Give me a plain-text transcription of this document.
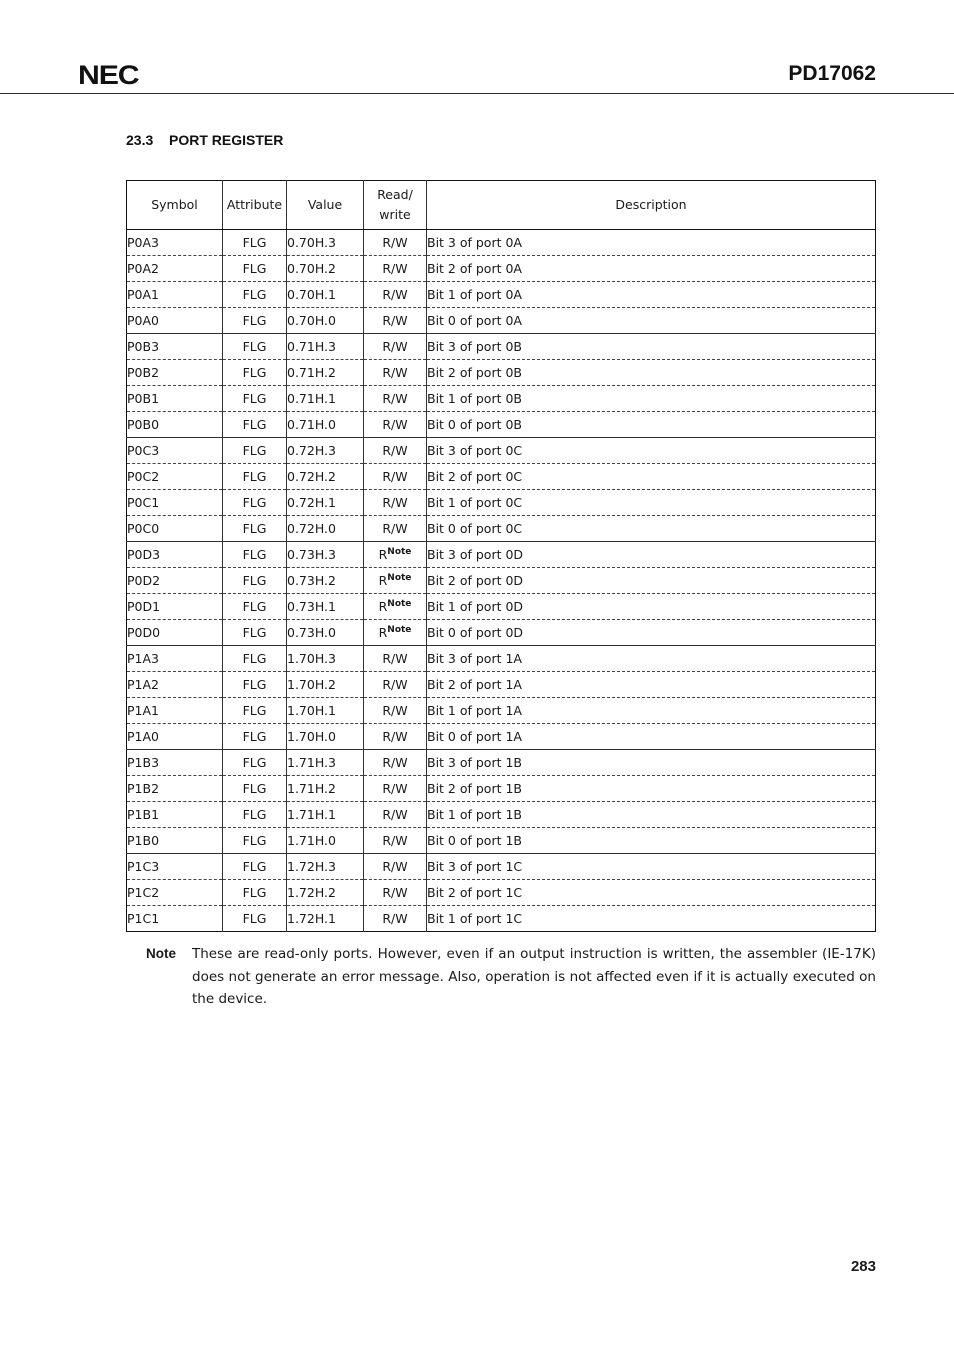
NEC	PD17062
23.3 PORT REGISTER
Symbol	Attribute	Value	Read/ write	Description
P0A3	FLG	0.70H.3	R/W	Bit 3 of port 0A
P0A2	FLG	0.70H.2	R/W	Bit 2 of port 0A
P0A1	FLG	0.70H.1	R/W	Bit 1 of port 0A
P0A0	FLG	0.70H.0	R/W	Bit 0 of port 0A
P0B3	FLG	0.71H.3	R/W	Bit 3 of port 0B
P0B2	FLG	0.71H.2	R/W	Bit 2 of port 0B
P0B1	FLG	0.71H.1	R/W	Bit 1 of port 0B
P0B0	FLG	0.71H.0	R/W	Bit 0 of port 0B
P0C3	FLG	0.72H.3	R/W	Bit 3 of port 0C
P0C2	FLG	0.72H.2	R/W	Bit 2 of port 0C
P0C1	FLG	0.72H.1	R/W	Bit 1 of port 0C
P0C0	FLG	0.72H.0	R/W	Bit 0 of port 0C
P0D3	FLG	0.73H.3	R$^{Note}$	Bit 3 of port 0D
P0D2	FLG	0.73H.2	R$^{Note}$	Bit 2 of port 0D
P0D1	FLG	0.73H.1	R$^{Note}$	Bit 1 of port 0D
P0D0	FLG	0.73H.0	R$^{Note}$	Bit 0 of port 0D
P1A3	FLG	1.70H.3	R/W	Bit 3 of port 1A
P1A2	FLG	1.70H.2	R/W	Bit 2 of port 1A
P1A1	FLG	1.70H.1	R/W	Bit 1 of port 1A
P1A0	FLG	1.70H.0	R/W	Bit 0 of port 1A
P1B3	FLG	1.71H.3	R/W	Bit 3 of port 1B
P1B2	FLG	1.71H.2	R/W	Bit 2 of port 1B
P1B1	FLG	1.71H.1	R/W	Bit 1 of port 1B
P1B0	FLG	1.71H.0	R/W	Bit 0 of port 1B
P1C3	FLG	1.72H.3	R/W	Bit 3 of port 1C
P1C2	FLG	1.72H.2	R/W	Bit 2 of port 1C
P1C1	FLG	1.72H.1	R/W	Bit 1 of port 1C
Note These are read-only ports. However, even if an output instruction is written, the assembler (IE-17K) does not generate an error message. Also, operation is not affected even if it is actually executed on the device.
283
